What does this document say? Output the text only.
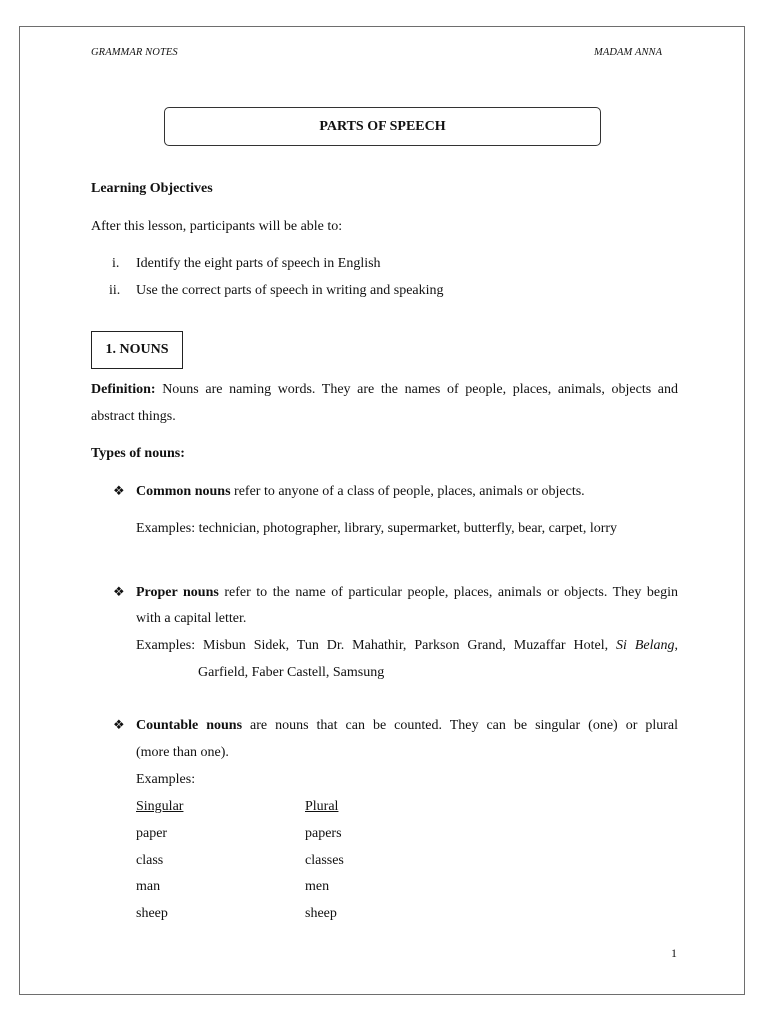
GRAMMAR NOTES	MADAM ANNA
PARTS OF SPEECH
Learning Objectives
After this lesson, participants will be able to:
i. Identify the eight parts of speech in English
ii. Use the correct parts of speech in writing and speaking
1. NOUNS
Definition: Nouns are naming words. They are the names of people, places, animals, objects and
abstract things.
Types of nouns:
❖ Common nouns refer to anyone of a class of people, places, animals or objects.
Examples: technician, photographer, library, supermarket, butterfly, bear, carpet, lorry
❖ Proper nouns refer to the name of particular people, places, animals or objects. They begin
with a capital letter.
Examples: Misbun Sidek, Tun Dr. Mahathir, Parkson Grand, Muzaffar Hotel, Si Belang,
Garfield, Faber Castell, Samsung
❖ Countable nouns are nouns that can be counted. They can be singular (one) or plural
(more than one).
Examples:
Singular	Plural
paper	papers
class	classes
man	men
sheep	sheep
1
